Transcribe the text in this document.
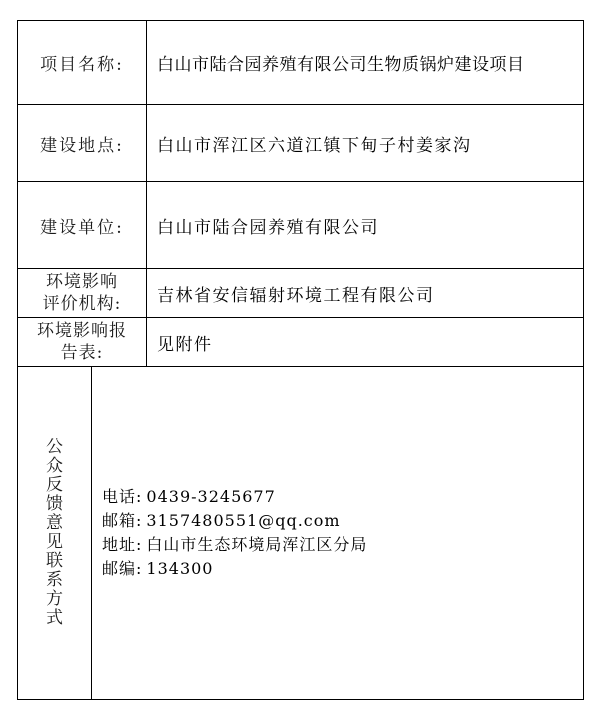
项目名称: 白山市陆合园养殖有限公司生物质锅炉建设项目
建设地点: 白山市浑江区六道江镇下甸子村姜家沟
建设单位: 白山市陆合园养殖有限公司
环境影响
评价机构: 吉林省安信辐射环境工程有限公司
环境影响报
告表:	见附件
公众反馈意见联系方式
电话: 0439-3245677
邮箱: 3157480551@qq.com
地址: 白山市生态环境局浑江区分局
邮编: 134300
